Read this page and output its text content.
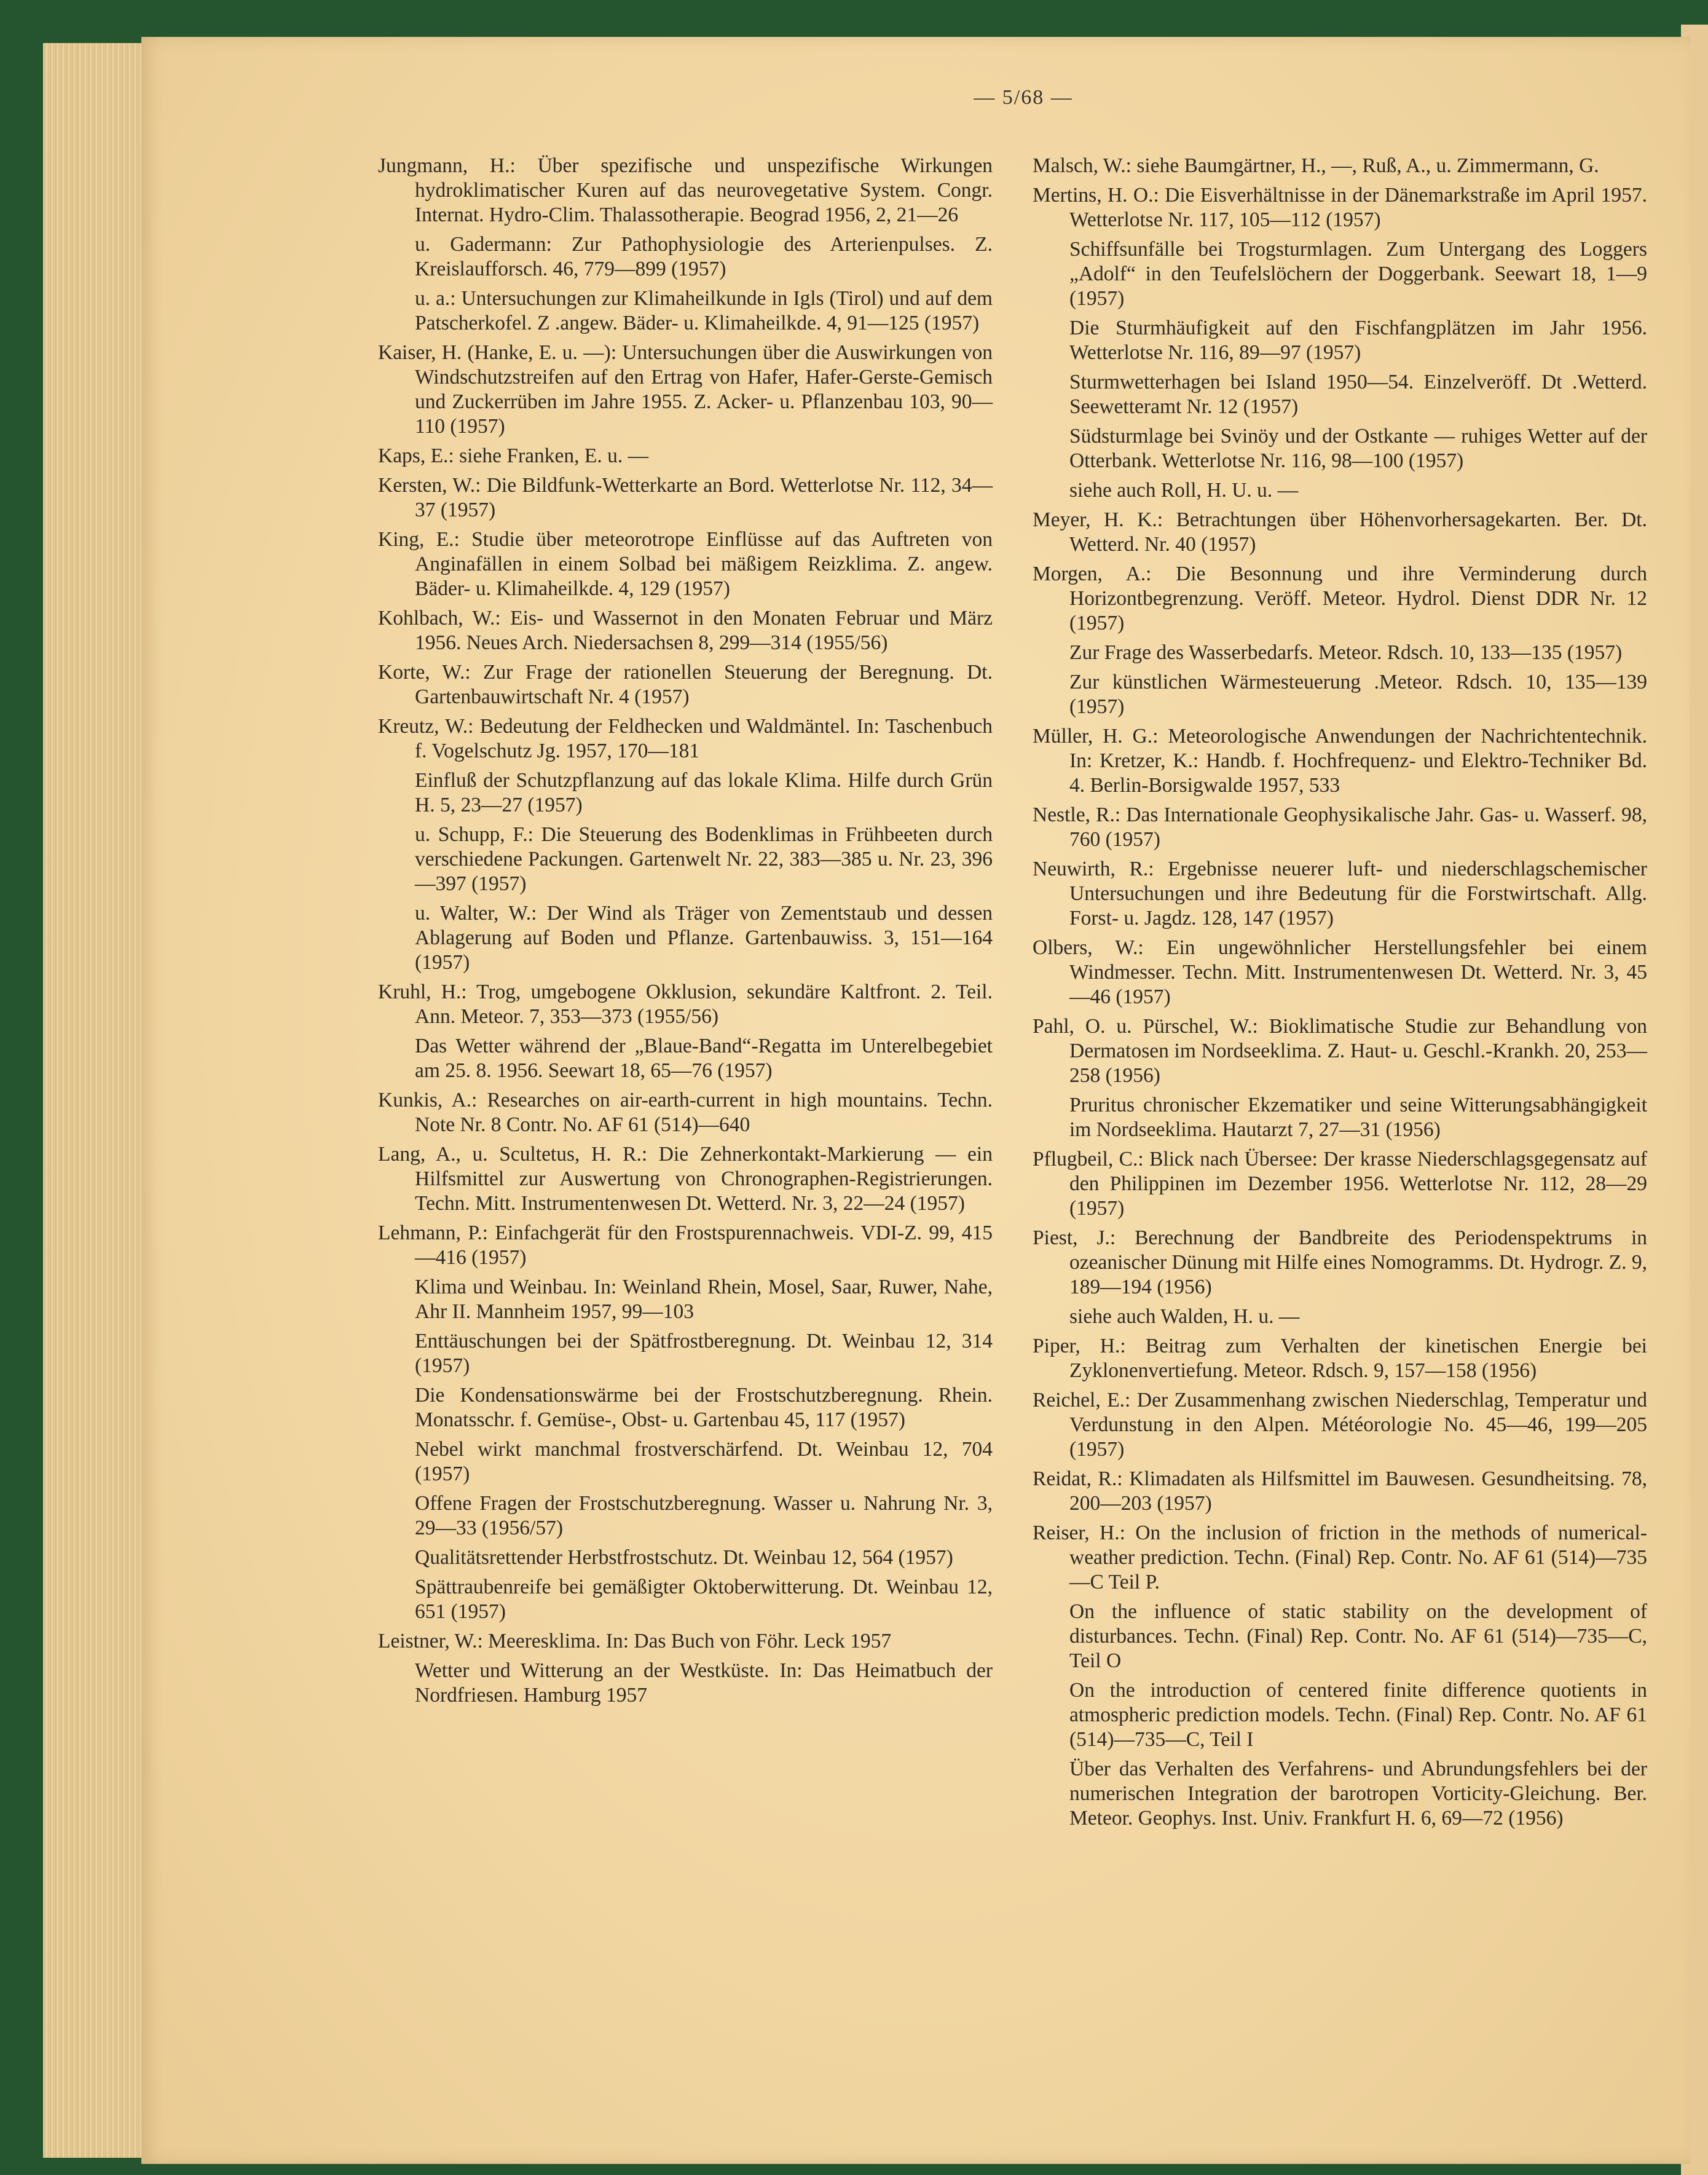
— 5/68 —
Jungmann, H.: Über spezifische und unspezifische Wirkungen hydroklimatischer Kuren auf das neurovegetative System. Congr. Internat. Hydro-Clim. Thalassotherapie. Beograd 1956, 2, 21—26
u. Gadermann: Zur Pathophysiologie des Arterienpulses. Z. Kreislaufforsch. 46, 779—899 (1957)
u. a.: Untersuchungen zur Klimaheilkunde in Igls (Tirol) und auf dem Patscherkofel. Z .angew. Bäder- u. Klimaheilkde. 4, 91—125 (1957)
Kaiser, H. (Hanke, E. u. —): Untersuchungen über die Auswirkungen von Windschutzstreifen auf den Ertrag von Hafer, Hafer-Gerste-Gemisch und Zuckerrüben im Jahre 1955. Z. Acker- u. Pflanzenbau 103, 90—110 (1957)
Kaps, E.: siehe Franken, E. u. —
Kersten, W.: Die Bildfunk-Wetterkarte an Bord. Wetterlotse Nr. 112, 34—37 (1957)
King, E.: Studie über meteorotrope Einflüsse auf das Auftreten von Anginafällen in einem Solbad bei mäßigem Reizklima. Z. angew. Bäder- u. Klimaheilkde. 4, 129 (1957)
Kohlbach, W.: Eis- und Wassernot in den Monaten Februar und März 1956. Neues Arch. Niedersachsen 8, 299—314 (1955/56)
Korte, W.: Zur Frage der rationellen Steuerung der Beregnung. Dt. Gartenbauwirtschaft Nr. 4 (1957)
Kreutz, W.: Bedeutung der Feldhecken und Waldmäntel. In: Taschenbuch f. Vogelschutz Jg. 1957, 170—181
Einfluß der Schutzpflanzung auf das lokale Klima. Hilfe durch Grün H. 5, 23—27 (1957)
u. Schupp, F.: Die Steuerung des Bodenklimas in Frühbeeten durch verschiedene Packungen. Gartenwelt Nr. 22, 383—385 u. Nr. 23, 396—397 (1957)
u. Walter, W.: Der Wind als Träger von Zementstaub und dessen Ablagerung auf Boden und Pflanze. Gartenbauwiss. 3, 151—164 (1957)
Kruhl, H.: Trog, umgebogene Okklusion, sekundäre Kaltfront. 2. Teil. Ann. Meteor. 7, 353—373 (1955/56)
Das Wetter während der „Blaue-Band“-Regatta im Unterelbegebiet am 25. 8. 1956. Seewart 18, 65—76 (1957)
Kunkis, A.: Researches on air-earth-current in high mountains. Techn. Note Nr. 8 Contr. No. AF 61 (514)—640
Lang, A., u. Scultetus, H. R.: Die Zehnerkontakt-Markierung — ein Hilfsmittel zur Auswertung von Chronographen-Registrierungen. Techn. Mitt. Instrumentenwesen Dt. Wetterd. Nr. 3, 22—24 (1957)
Lehmann, P.: Einfachgerät für den Frostspurennachweis. VDI-Z. 99, 415—416 (1957)
Klima und Weinbau. In: Weinland Rhein, Mosel, Saar, Ruwer, Nahe, Ahr II. Mannheim 1957, 99—103
Enttäuschungen bei der Spätfrostberegnung. Dt. Weinbau 12, 314 (1957)
Die Kondensationswärme bei der Frostschutzberegnung. Rhein. Monatsschr. f. Gemüse-, Obst- u. Gartenbau 45, 117 (1957)
Nebel wirkt manchmal frostverschärfend. Dt. Weinbau 12, 704 (1957)
Offene Fragen der Frostschutzberegnung. Wasser u. Nahrung Nr. 3, 29—33 (1956/57)
Qualitätsrettender Herbstfrostschutz. Dt. Weinbau 12, 564 (1957)
Spättraubenreife bei gemäßigter Oktoberwitterung. Dt. Weinbau 12, 651 (1957)
Leistner, W.: Meeresklima. In: Das Buch von Föhr. Leck 1957
Wetter und Witterung an der Westküste. In: Das Heimatbuch der Nordfriesen. Hamburg 1957
Malsch, W.: siehe Baumgärtner, H., —, Ruß, A., u. Zimmermann, G.
Mertins, H. O.: Die Eisverhältnisse in der Dänemarkstraße im April 1957. Wetterlotse Nr. 117, 105—112 (1957)
Schiffsunfälle bei Trogsturmlagen. Zum Untergang des Loggers „Adolf“ in den Teufelslöchern der Doggerbank. Seewart 18, 1—9 (1957)
Die Sturmhäufigkeit auf den Fischfangplätzen im Jahr 1956. Wetterlotse Nr. 116, 89—97 (1957)
Sturmwetterhagen bei Island 1950—54. Einzelveröff. Dt .Wetterd. Seewetteramt Nr. 12 (1957)
Südsturmlage bei Svinöy und der Ostkante — ruhiges Wetter auf der Otterbank. Wetterlotse Nr. 116, 98—100 (1957)
siehe auch Roll, H. U. u. —
Meyer, H. K.: Betrachtungen über Höhenvorhersagekarten. Ber. Dt. Wetterd. Nr. 40 (1957)
Morgen, A.: Die Besonnung und ihre Verminderung durch Horizontbegrenzung. Veröff. Meteor. Hydrol. Dienst DDR Nr. 12 (1957)
Zur Frage des Wasserbedarfs. Meteor. Rdsch. 10, 133—135 (1957)
Zur künstlichen Wärmesteuerung .Meteor. Rdsch. 10, 135—139 (1957)
Müller, H. G.: Meteorologische Anwendungen der Nachrichtentechnik. In: Kretzer, K.: Handb. f. Hochfrequenz- und Elektro-Techniker Bd. 4. Berlin-Borsigwalde 1957, 533
Nestle, R.: Das Internationale Geophysikalische Jahr. Gas- u. Wasserf. 98, 760 (1957)
Neuwirth, R.: Ergebnisse neuerer luft- und niederschlagschemischer Untersuchungen und ihre Bedeutung für die Forstwirtschaft. Allg. Forst- u. Jagdz. 128, 147 (1957)
Olbers, W.: Ein ungewöhnlicher Herstellungsfehler bei einem Windmesser. Techn. Mitt. Instrumentenwesen Dt. Wetterd. Nr. 3, 45—46 (1957)
Pahl, O. u. Pürschel, W.: Bioklimatische Studie zur Behandlung von Dermatosen im Nordseeklima. Z. Haut- u. Geschl.-Krankh. 20, 253—258 (1956)
Pruritus chronischer Ekzematiker und seine Witterungsabhängigkeit im Nordseeklima. Hautarzt 7, 27—31 (1956)
Pflugbeil, C.: Blick nach Übersee: Der krasse Niederschlagsgegensatz auf den Philippinen im Dezember 1956. Wetterlotse Nr. 112, 28—29 (1957)
Piest, J.: Berechnung der Bandbreite des Periodenspektrums in ozeanischer Dünung mit Hilfe eines Nomogramms. Dt. Hydrogr. Z. 9, 189—194 (1956)
siehe auch Walden, H. u. —
Piper, H.: Beitrag zum Verhalten der kinetischen Energie bei Zyklonenvertiefung. Meteor. Rdsch. 9, 157—158 (1956)
Reichel, E.: Der Zusammenhang zwischen Niederschlag, Temperatur und Verdunstung in den Alpen. Météorologie No. 45—46, 199—205 (1957)
Reidat, R.: Klimadaten als Hilfsmittel im Bauwesen. Gesundheitsing. 78, 200—203 (1957)
Reiser, H.: On the inclusion of friction in the methods of numerical-weather prediction. Techn. (Final) Rep. Contr. No. AF 61 (514)—735—C Teil P.
On the influence of static stability on the development of disturbances. Techn. (Final) Rep. Contr. No. AF 61 (514)—735—C, Teil O
On the introduction of centered finite difference quotients in atmospheric prediction models. Techn. (Final) Rep. Contr. No. AF 61 (514)—735—C, Teil I
Über das Verhalten des Verfahrens- und Abrundungsfehlers bei der numerischen Integration der barotropen Vorticity-Gleichung. Ber. Meteor. Geophys. Inst. Univ. Frankfurt H. 6, 69—72 (1956)
